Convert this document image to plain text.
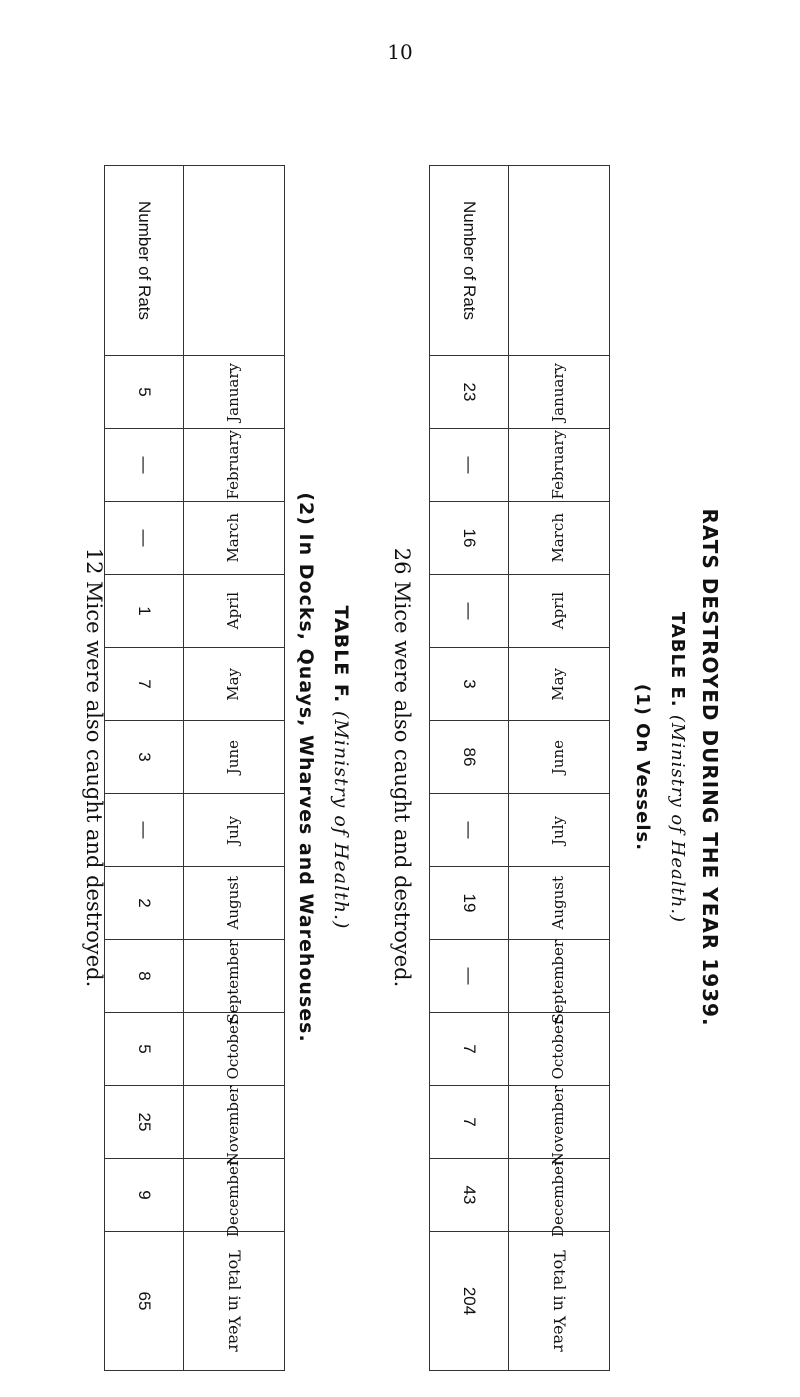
10
RATS DESTROYED DURING THE YEAR 1939.
TABLE E. (Ministry of Health.)
(1) On Vessels.
	January	February	March	April	May	June	July	August	September	October	November	December	Total in Year
Number of Rats	23	—	16	—	3	86	—	19	—	7	7	43	204
26 Mice were also caught and destroyed.
TABLE F. (Ministry of Health.)
(2) In Docks, Quays, Wharves and Warehouses.
	January	February	March	April	May	June	July	August	September	October	November	December	Total in Year
Number of Rats	5	—	—	1	7	3	—	2	8	5	25	9	65
12 Mice were also caught and destroyed.
